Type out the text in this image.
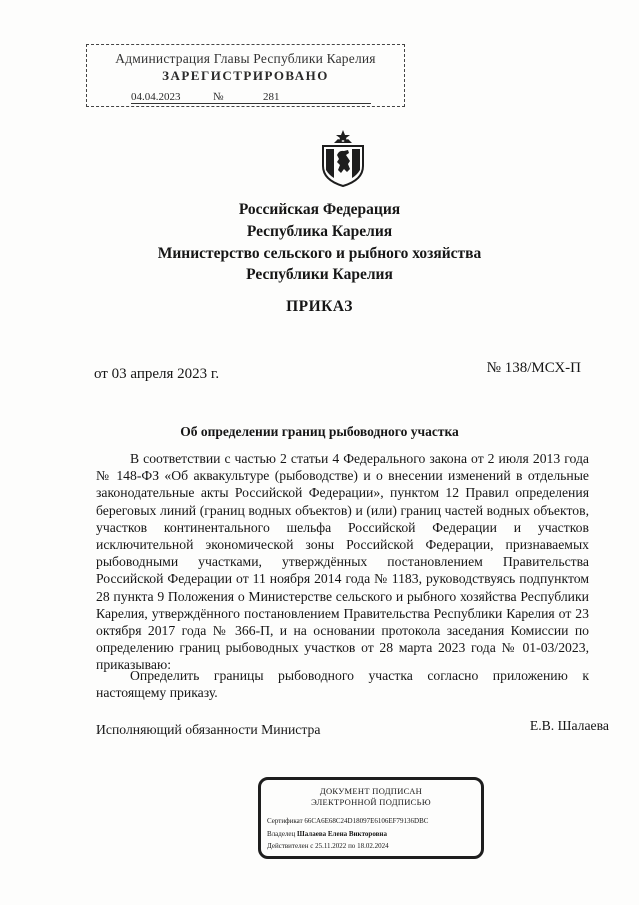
Администрация Главы Республики Карелия
ЗАРЕГИСТРИРОВАНО
04.04.2023	№	281
Российская Федерация
Республика Карелия
Министерство сельского и рыбного хозяйства
Республики Карелия
ПРИКАЗ
от 03 апреля 2023 г.	№ 138/МСХ-П
Об определении границ рыбоводного участка

В соответствии с частью 2 статьи 4 Федерального закона от 2 июля 2013 года № 148-ФЗ «Об аквакультуре (рыбоводстве) и о внесении изменений в отдельные законодательные акты Российской Федерации», пунктом 12 Правил определения береговых линий (границ водных объектов) и (или) границ частей водных объектов, участков континентального шельфа Российской Федерации и участков исключительной экономической зоны Российской Федерации, признаваемых рыбоводными участками, утверждённых постановлением Правительства Российской Федерации от 11 ноября 2014 года № 1183, руководствуясь подпунктом 28 пункта 9 Положения о Министерстве сельского и рыбного хозяйства Республики Карелия, утверждённого постановлением Правительства Республики Карелия от 23 октября 2017 года № 366-П, и на основании протокола заседания Комиссии по определению границ рыбоводных участков от 28 марта 2023 года № 01-03/2023, приказываю:

Определить границы рыбоводного участка согласно приложению к настоящему приказу.

Исполняющий обязанности Министра	Е.В. Шалаева
ДОКУМЕНТ ПОДПИСАН
ЭЛЕКТРОННОЙ ПОДПИСЬЮ
Сертификат 66CA6E68C24D18097E6106EF79136DBC
Владелец Шалаева Елена Викторовна
Действителен с 25.11.2022 по 18.02.2024
